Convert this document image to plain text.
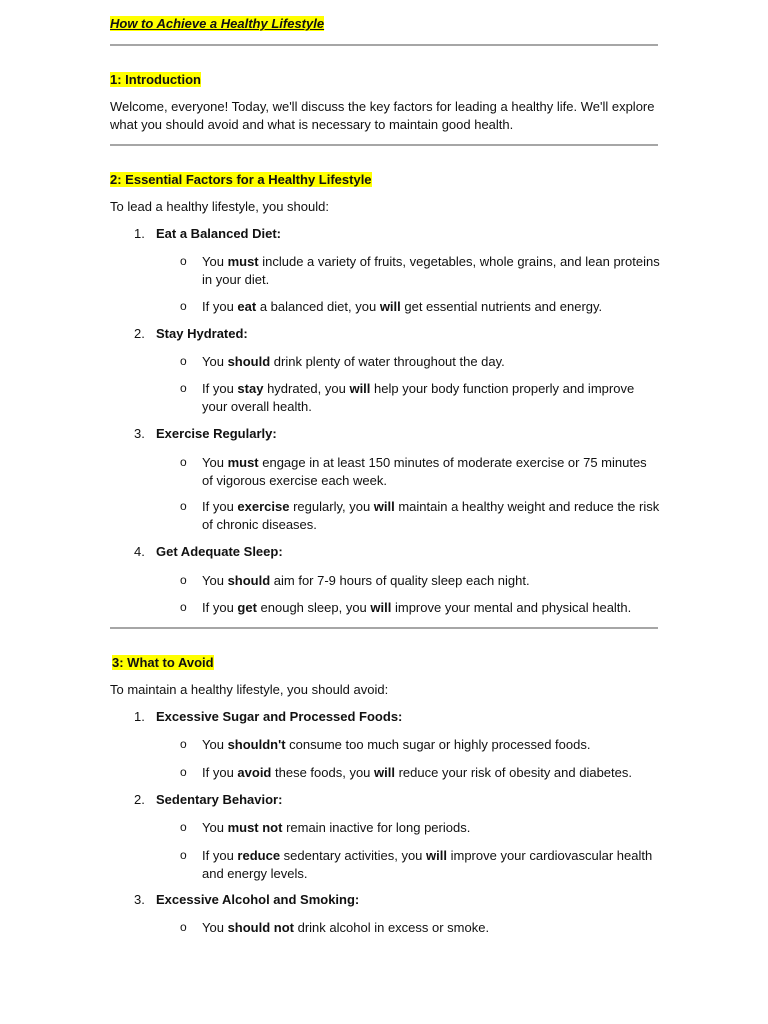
How to Achieve a Healthy Lifestyle
1: Introduction
Welcome, everyone! Today, we'll discuss the key factors for leading a healthy life. We'll explore what you should avoid and what is necessary to maintain good health.
2: Essential Factors for a Healthy Lifestyle
To lead a healthy lifestyle, you should:
1. Eat a Balanced Diet:
o	You must include a variety of fruits, vegetables, whole grains, and lean proteins in your diet.
o	If you eat a balanced diet, you will get essential nutrients and energy.
2. Stay Hydrated:
o	You should drink plenty of water throughout the day.
o	If you stay hydrated, you will help your body function properly and improve your overall health.
3. Exercise Regularly:
o	You must engage in at least 150 minutes of moderate exercise or 75 minutes of vigorous exercise each week.
o	If you exercise regularly, you will maintain a healthy weight and reduce the risk of chronic diseases.
4. Get Adequate Sleep:
o	You should aim for 7-9 hours of quality sleep each night.
o	If you get enough sleep, you will improve your mental and physical health.
3: What to Avoid
To maintain a healthy lifestyle, you should avoid:
1. Excessive Sugar and Processed Foods:
o	You shouldn't consume too much sugar or highly processed foods.
o	If you avoid these foods, you will reduce your risk of obesity and diabetes.
2. Sedentary Behavior:
o	You must not remain inactive for long periods.
o	If you reduce sedentary activities, you will improve your cardiovascular health and energy levels.
3. Excessive Alcohol and Smoking:
o	You should not drink alcohol in excess or smoke.
